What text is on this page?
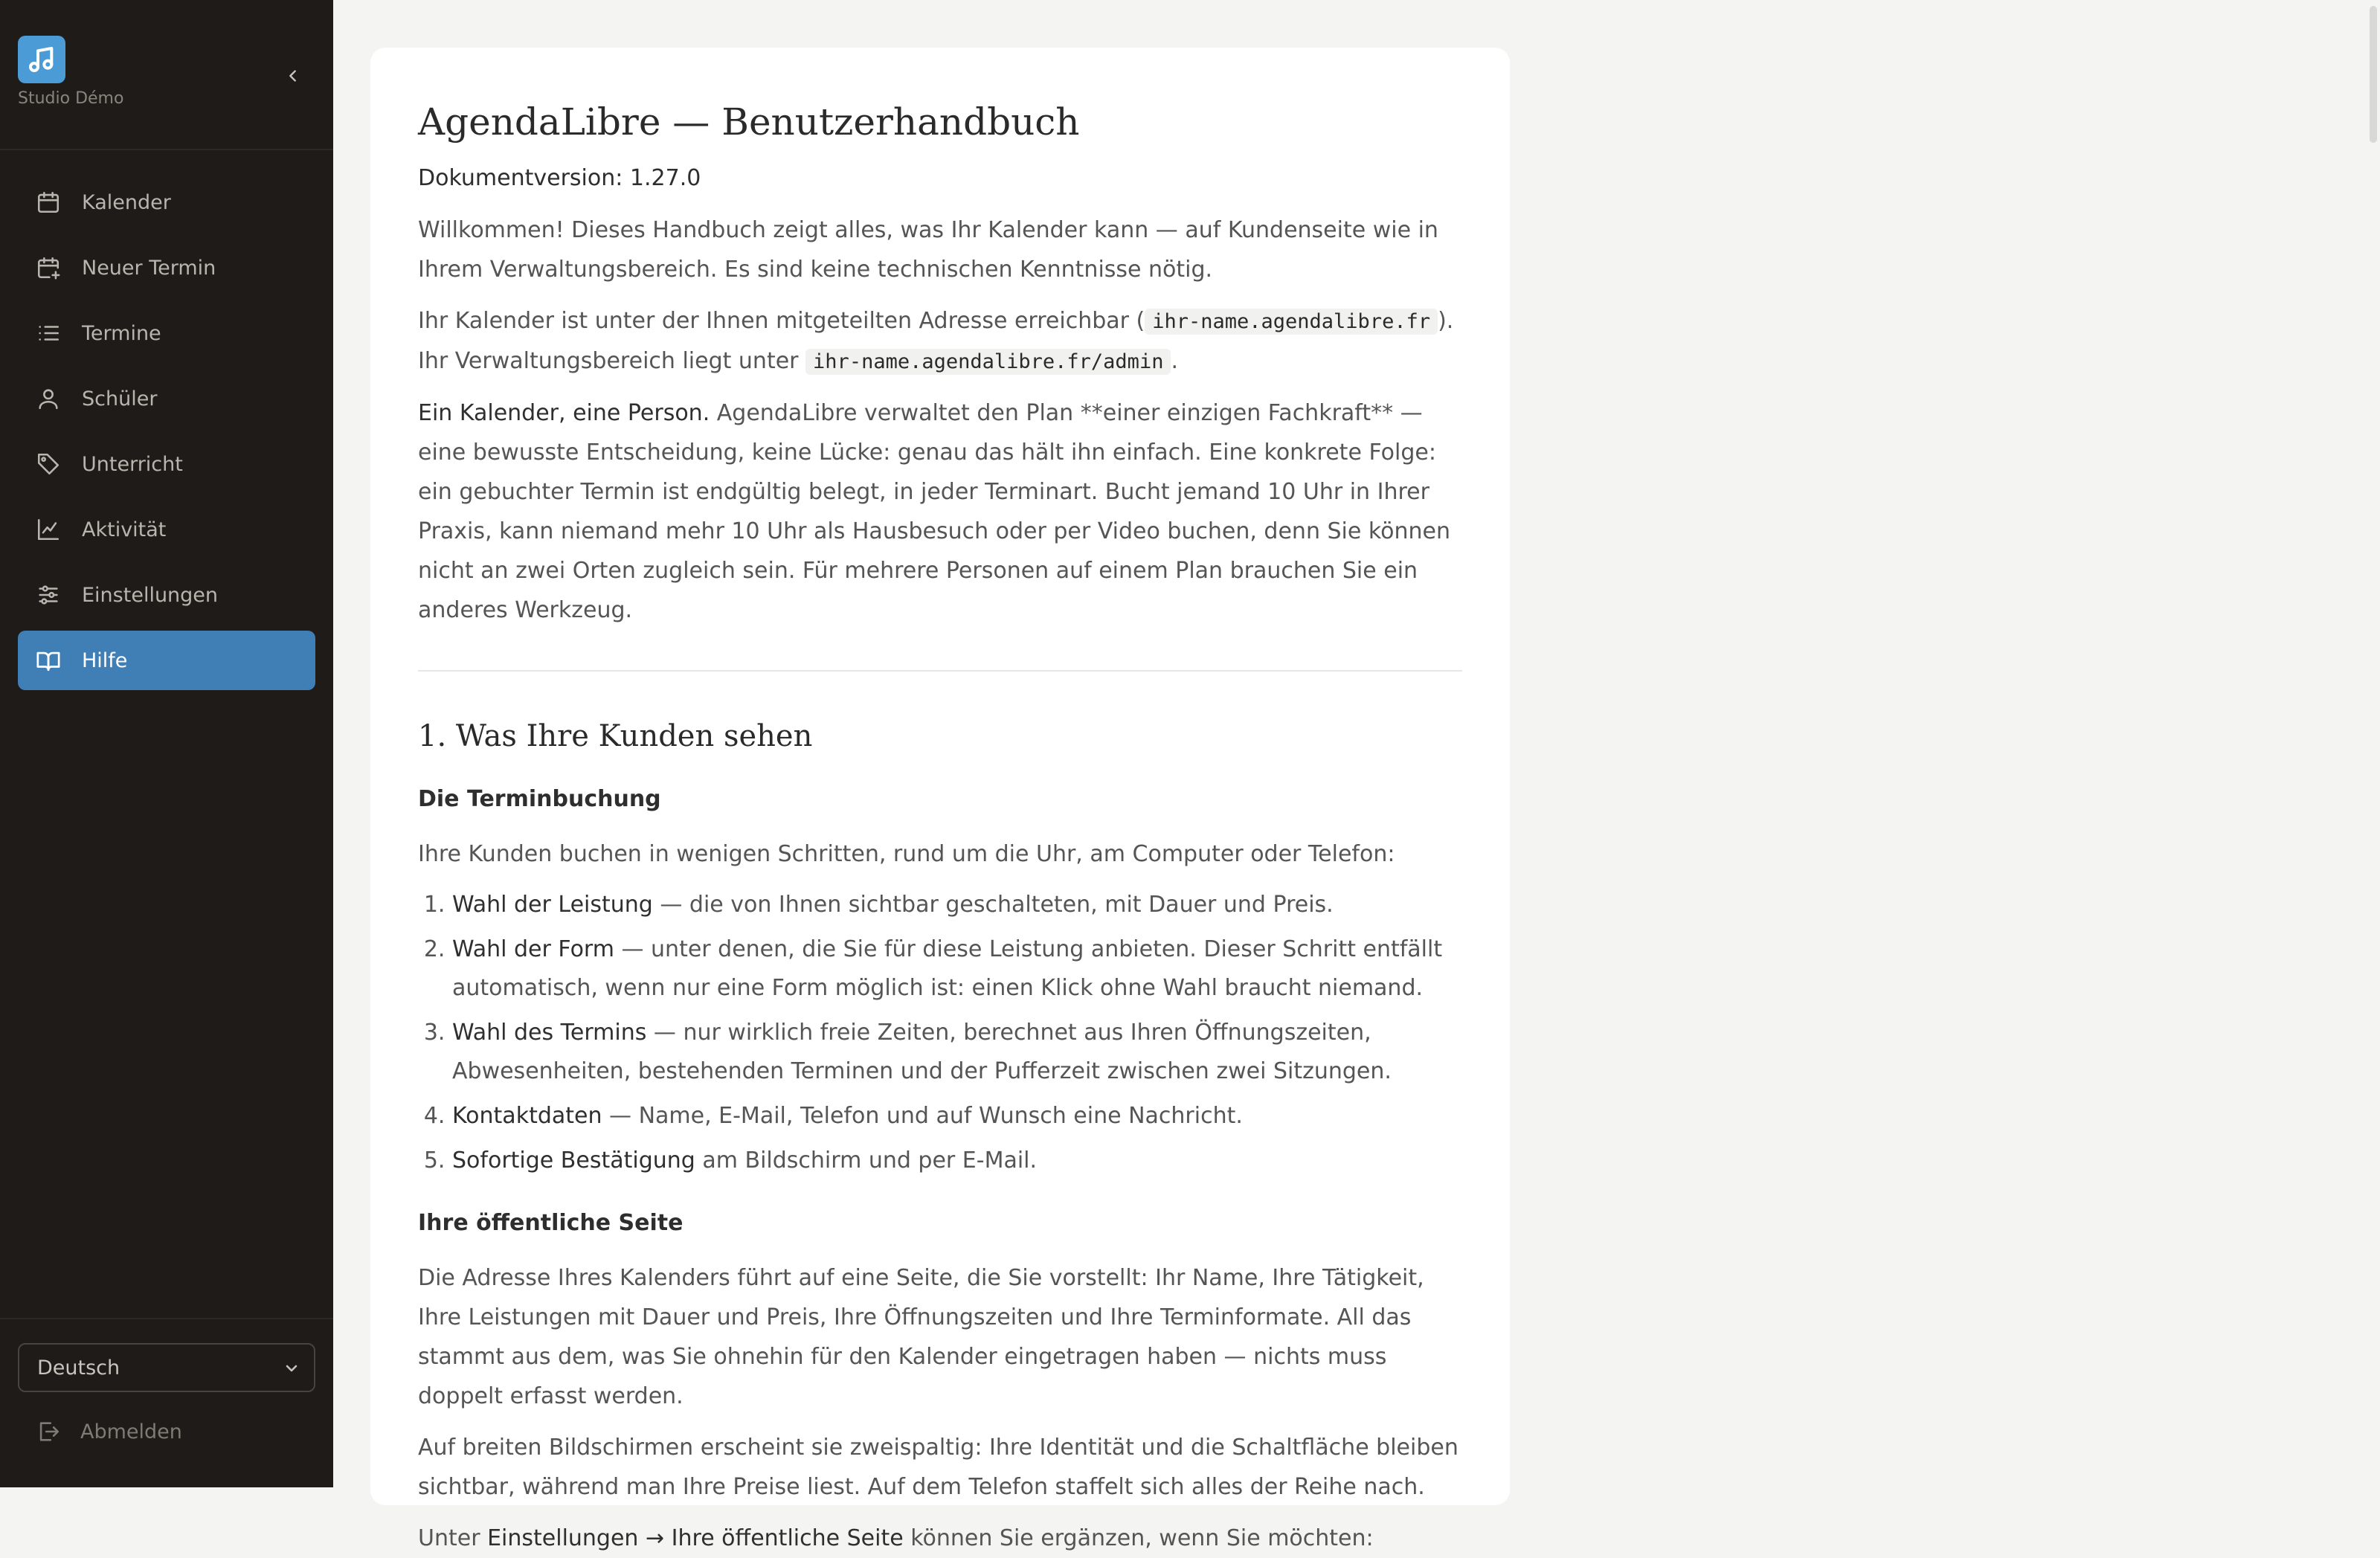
Studio Démo
Kalender
Neuer Termin
Termine
Schüler
Unterricht
Aktivität
Einstellungen
Hilfe
Deutsch
Abmelden
AgendaLibre — Benutzerhandbuch
Dokumentversion: 1.27.0

Willkommen! Dieses Handbuch zeigt alles, was Ihr Kalender kann — auf Kundenseite wie in Ihrem Verwaltungsbereich. Es sind keine technischen Kenntnisse nötig.

Ihr Kalender ist unter der Ihnen mitgeteilten Adresse erreichbar ( ihr-name.agendalibre.fr ). Ihr Verwaltungsbereich liegt unter ihr-name.agendalibre.fr/admin .

Ein Kalender, eine Person. AgendaLibre verwaltet den Plan **einer einzigen Fachkraft** — eine bewusste Entscheidung, keine Lücke: genau das hält ihn einfach. Eine konkrete Folge: ein gebuchter Termin ist endgültig belegt, in jeder Terminart. Bucht jemand 10 Uhr in Ihrer Praxis, kann niemand mehr 10 Uhr als Hausbesuch oder per Video buchen, denn Sie können nicht an zwei Orten zugleich sein. Für mehrere Personen auf einem Plan brauchen Sie ein anderes Werkzeug.

1. Was Ihre Kunden sehen
Die Terminbuchung

Ihre Kunden buchen in wenigen Schritten, rund um die Uhr, am Computer oder Telefon:

1. Wahl der Leistung — die von Ihnen sichtbar geschalteten, mit Dauer und Preis.
2. Wahl der Form — unter denen, die Sie für diese Leistung anbieten. Dieser Schritt entfällt automatisch, wenn nur eine Form möglich ist: einen Klick ohne Wahl braucht niemand.
3. Wahl des Termins — nur wirklich freie Zeiten, berechnet aus Ihren Öffnungszeiten, Abwesenheiten, bestehenden Terminen und der Pufferzeit zwischen zwei Sitzungen.
4. Kontaktdaten — Name, E-Mail, Telefon und auf Wunsch eine Nachricht.
5. Sofortige Bestätigung am Bildschirm und per E-Mail.
Ihre öffentliche Seite

Die Adresse Ihres Kalenders führt auf eine Seite, die Sie vorstellt: Ihr Name, Ihre Tätigkeit, Ihre Leistungen mit Dauer und Preis, Ihre Öffnungszeiten und Ihre Terminformate. All das stammt aus dem, was Sie ohnehin für den Kalender eingetragen haben — nichts muss doppelt erfasst werden.

Auf breiten Bildschirmen erscheint sie zweispaltig: Ihre Identität und die Schaltfläche bleiben sichtbar, während man Ihre Preise liest. Auf dem Telefon staffelt sich alles der Reihe nach.

Unter Einstellungen → Ihre öffentliche Seite können Sie ergänzen, wenn Sie möchten:
